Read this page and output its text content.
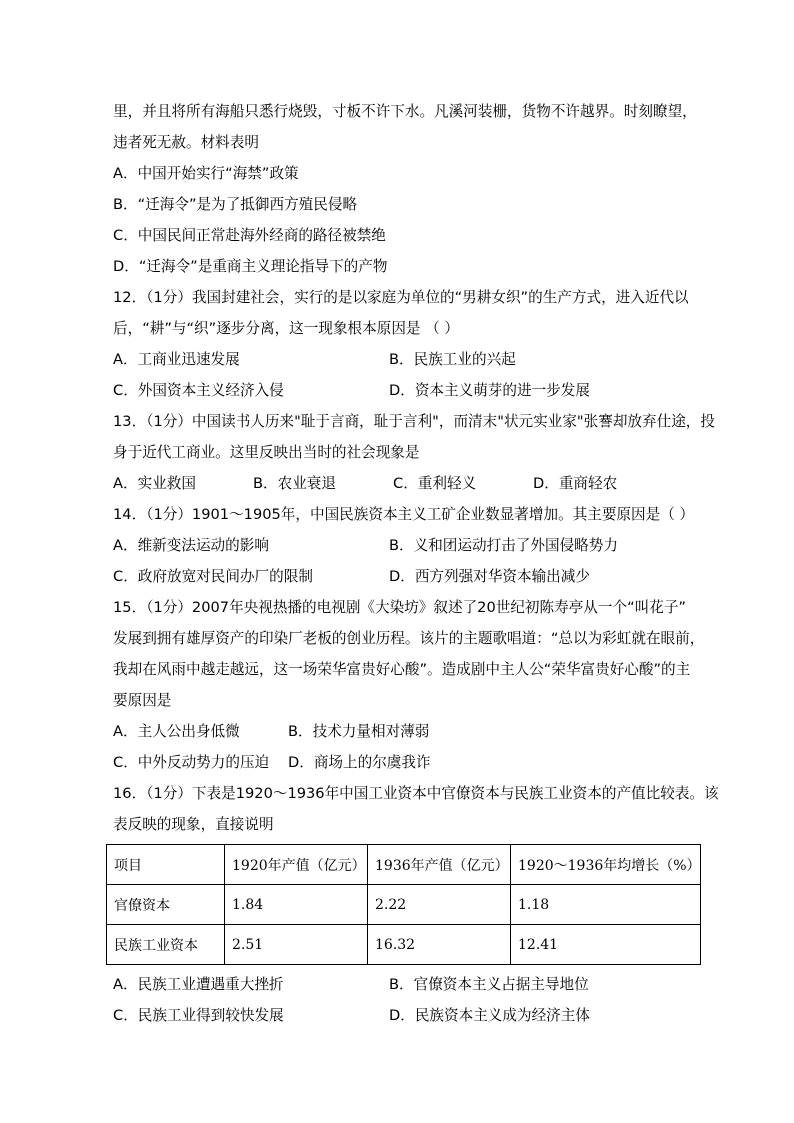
里，并且将所有海船只悉行烧毁，寸板不许下水。凡溪河装栅，货物不许越界。时刻瞭望，
违者死无赦。材料表明
A．中国开始实行“海禁”政策
B．“迁海令”是为了抵御西方殖民侵略
C．中国民间正常赴海外经商的路径被禁绝
D．“迁海令”是重商主义理论指导下的产物
12．（1分）我国封建社会，实行的是以家庭为单位的“男耕女织”的生产方式，进入近代以
后，“耕”与“织”逐步分离，这一现象根本原因是 （ ）
A．工商业迅速发展	B．民族工业的兴起
C．外国资本主义经济入侵	D．资本主义萌芽的进一步发展
13．（1分）中国读书人历来"耻于言商，耻于言利"，而清末"状元实业家"张謇却放弃仕途，投
身于近代工商业。这里反映出当时的社会现象是
A．实业救国	B．农业衰退	C．重利轻义	D．重商轻农
14．（1分）1901～1905年，中国民族资本主义工矿企业数显著增加。其主要原因是（ ）
A．维新变法运动的影响	B．义和团运动打击了外国侵略势力
C．政府放宽对民间办厂的限制	D．西方列强对华资本输出减少
15．（1分）2007年央视热播的电视剧《大染坊》叙述了20世纪初陈寿亭从一个“叫花子”
发展到拥有雄厚资产的印染厂老板的创业历程。该片的主题歌唱道：“总以为彩虹就在眼前，
我却在风雨中越走越远，这一场荣华富贵好心酸”。造成剧中主人公“荣华富贵好心酸”的主
要原因是
A．主人公出身低微	B．技术力量相对薄弱
C．中外反动势力的压迫	D．商场上的尔虞我诈
16．（1分）下表是1920～1936年中国工业资本中官僚资本与民族工业资本的产值比较表。该
表反映的现象，直接说明
项目	1920年产值（亿元）	1936年产值（亿元）	1920～1936年均增长（%）
官僚资本	1.84	2.22	1.18
民族工业资本	2.51	16.32	12.41
A．民族工业遭遇重大挫折	B．官僚资本主义占据主导地位
C．民族工业得到较快发展	D．民族资本主义成为经济主体
